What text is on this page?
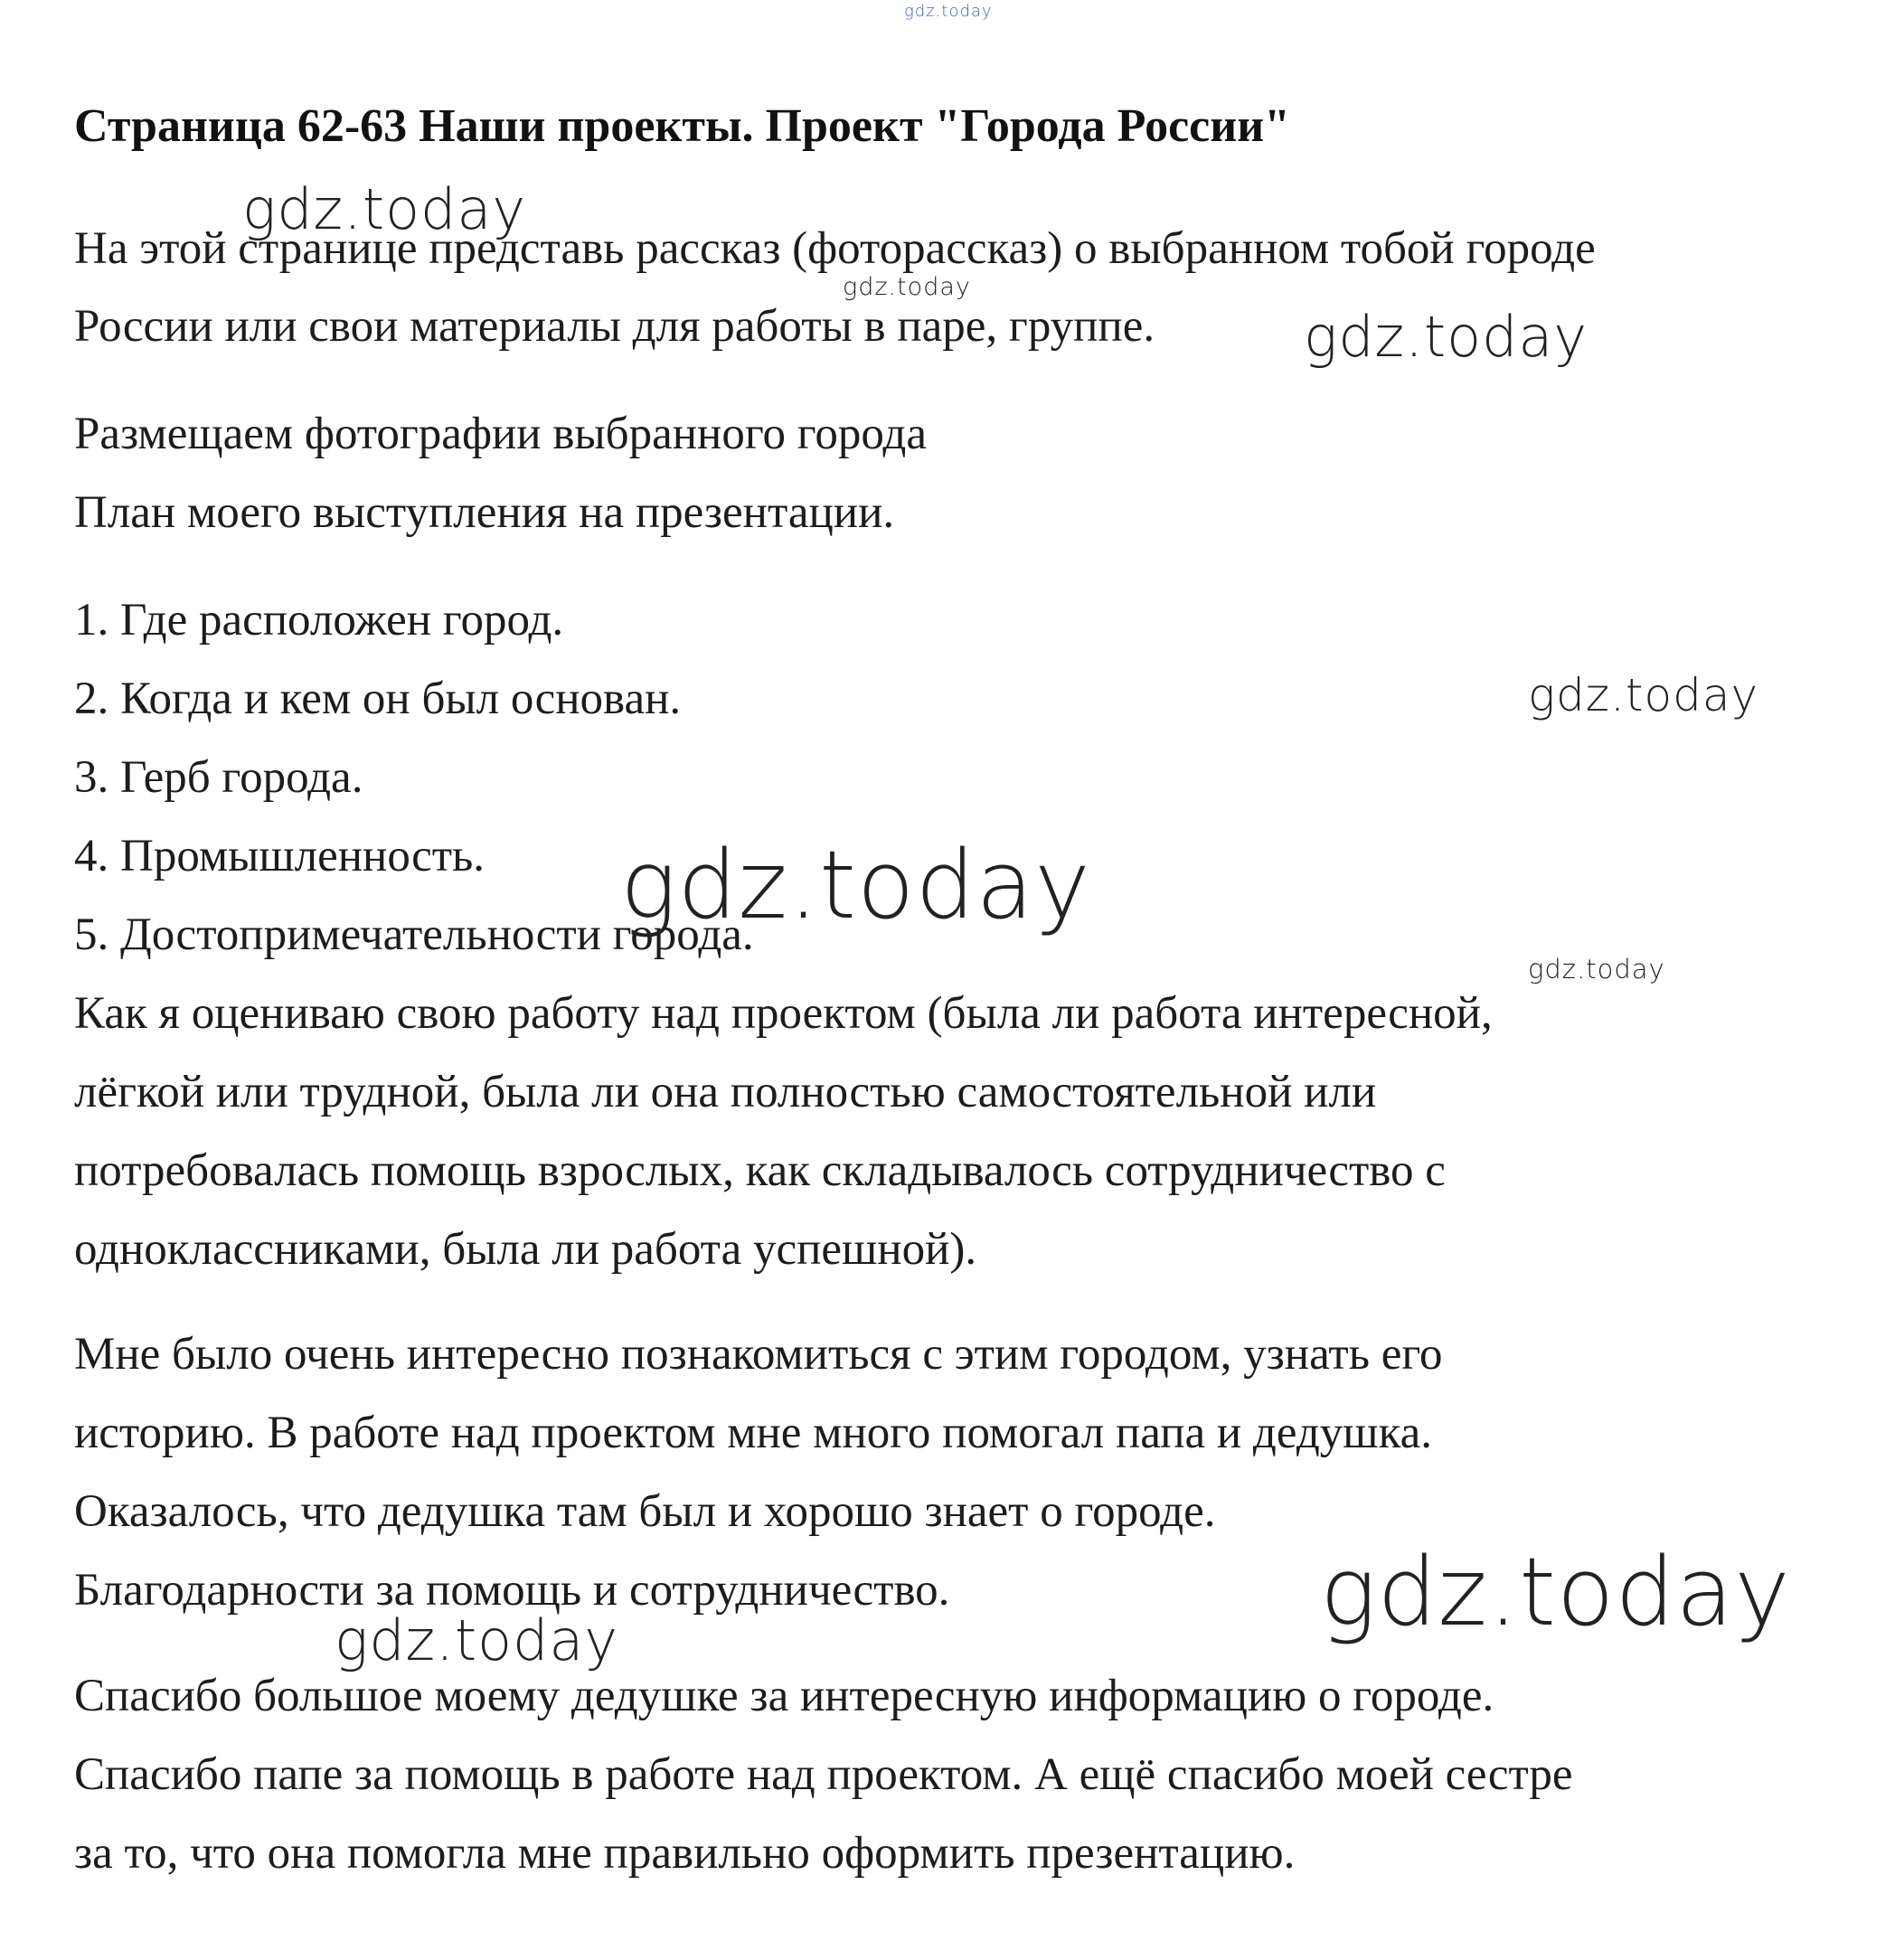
gdz.today
Страница 62-63 Наши проекты. Проект "Города России"
На этой странице представь рассказ (фоторассказ) о выбранном тобой городе
России или свои материалы для работы в паре, группе.
Размещаем фотографии выбранного города
План моего выступления на презентации.
1. Где расположен город.
2. Когда и кем он был основан.
3. Герб города.
4. Промышленность.
5. Достопримечательности города.
Как я оцениваю свою работу над проектом (была ли работа интересной,
лёгкой или трудной, была ли она полностью самостоятельной или
потребовалась помощь взрослых, как складывалось сотрудничество с
одноклассниками, была ли работа успешной).
Мне было очень интересно познакомиться с этим городом, узнать его
историю. В работе над проектом мне много помогал папа и дедушка.
Оказалось, что дедушка там был и хорошо знает о городе.
Благодарности за помощь и сотрудничество.
Спасибо большое моему дедушке за интересную информацию о городе.
Спасибо папе за помощь в работе над проектом. А ещё спасибо моей сестре
за то, что она помогла мне правильно оформить презентацию.
gdz.today
gdz.today
gdz.today
gdz.today
gdz.today
gdz.today
gdz.today
gdz.today
